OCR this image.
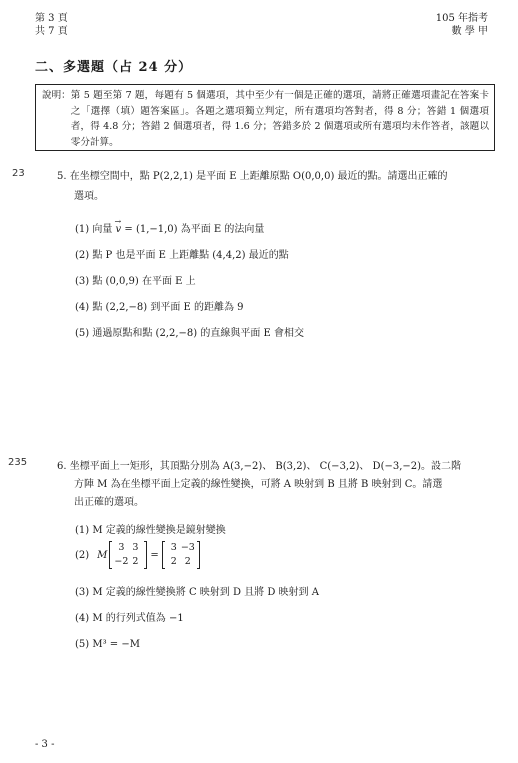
第 3 頁
共 7 頁
105 年指考
數 學 甲
二、多選題（占 24 分）
說明： 第 5 題至第 7 題，每題有 5 個選項，其中至少有一個是正確的選項，請將正確選項畫記在答案卡之「選擇（填）題答案區」。各題之選項獨立判定，所有選項均答對者，得 8 分；答錯 1 個選項者，得 4.8 分；答錯 2 個選項者，得 1.6 分；答錯多於 2 個選項或所有選項均未作答者，該題以零分計算。
23	5. 在坐標空間中，點 P(2,2,1) 是平面 E 上距離原點 O(0,0,0) 最近的點。請選出正確的
選項。
(1) 向量
→
v = (1,−1,0) 為平面 E 的法向量
(2) 點 P 也是平面 E 上距離點 (4,4,2) 最近的點
(3) 點 (0,0,9) 在平面 E 上
(4) 點 (2,2,−8) 到平面 E 的距離為 9
(5) 通過原點和點 (2,2,−8) 的直線與平面 E 會相交
235	6. 坐標平面上一矩形，其頂點分別為 A(3,−2)、 B(3,2)、 C(−3,2)、 D(−3,−2)。設二階
方陣 M 為在坐標平面上定義的線性變換，可將 A 映射到 B 且將 B 映射到 C。請選
出正確的選項。
(1) M 定義的線性變換是鏡射變換
(2) M
3 3
−2 2
=
3 −3
2 2
(3) M 定義的線性變換將 C 映射到 D 且將 D 映射到 A
(4) M 的行列式值為 −1
(5) M³ = −M
- 3 -
